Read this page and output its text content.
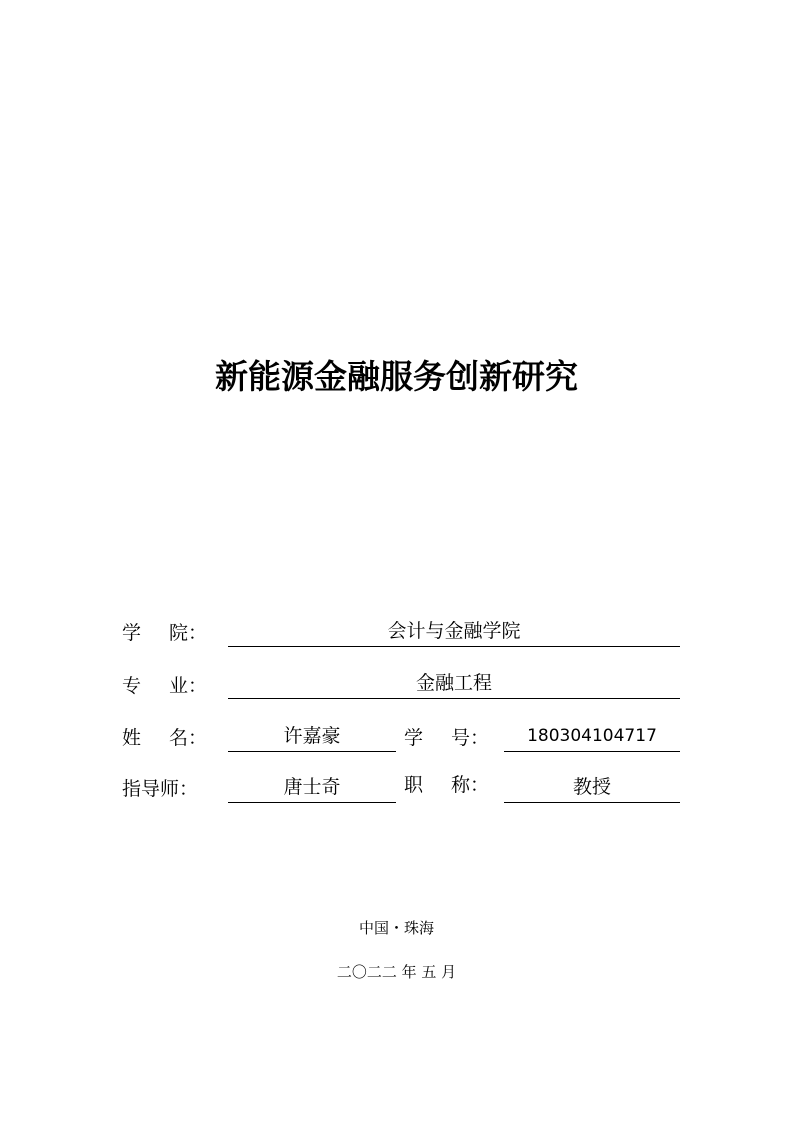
新能源金融服务创新研究
学 院：	会计与金融学院
专 业：	金融工程
姓 名：	许嘉豪	学 号：	180304104717
指导师：	唐士奇	职 称：	教授
中国・珠海
二〇二二 年 五 月
